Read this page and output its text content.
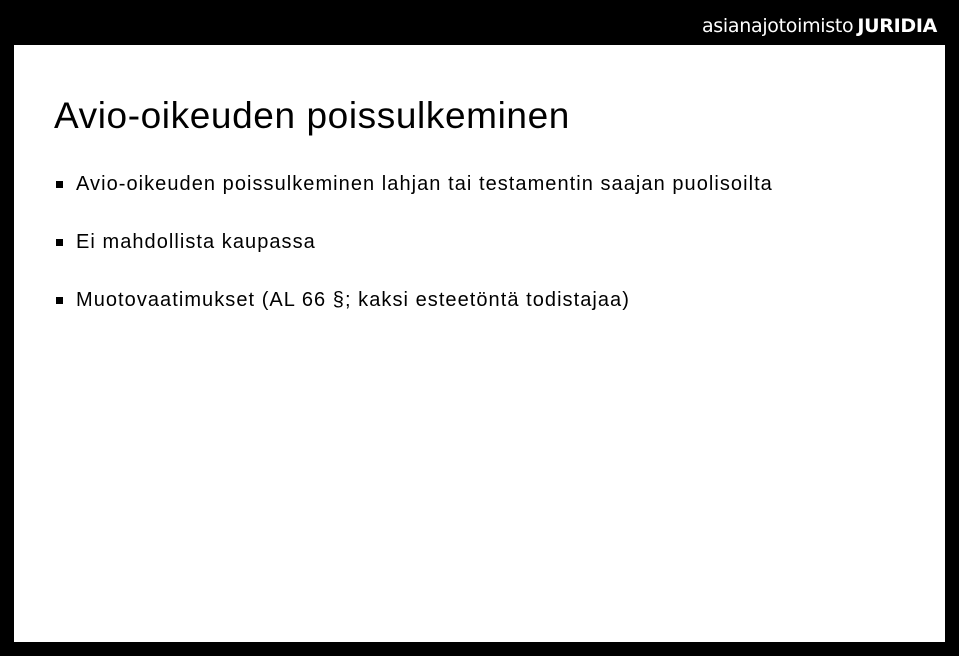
asianajotoimisto JURIDIA
Avio-oikeuden poissulkeminen
Avio-oikeuden poissulkeminen lahjan tai testamentin saajan puolisoilta
Ei mahdollista kaupassa
Muotovaatimukset (AL 66 §; kaksi esteetöntä todistajaa)
